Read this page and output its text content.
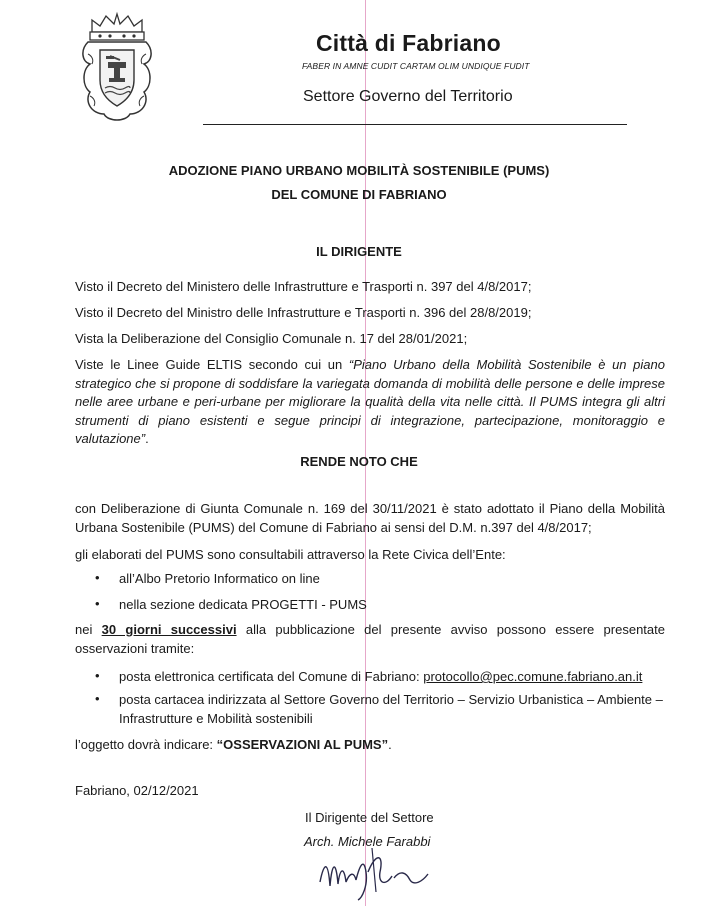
Città di Fabriano
FABER IN AMNE CUDIT CARTAM OLIM UNDIQUE FUDIT
Settore Governo del Territorio
ADOZIONE PIANO URBANO MOBILITÀ SOSTENIBILE (PUMS)
DEL COMUNE DI FABRIANO
IL DIRIGENTE
Visto il Decreto del Ministero delle Infrastrutture e Trasporti n. 397 del 4/8/2017;
Visto il Decreto del Ministro delle Infrastrutture e Trasporti n. 396 del 28/8/2019;
Vista la Deliberazione del Consiglio Comunale n. 17 del 28/01/2021;
Viste le Linee Guide ELTIS secondo cui un “Piano Urbano della Mobilità Sostenibile è un piano strategico che si propone di soddisfare la variegata domanda di mobilità delle persone e delle imprese nelle aree urbane e peri-urbane per migliorare la qualità della vita nelle città. Il PUMS integra gli altri strumenti di piano esistenti e segue principi di integrazione, partecipazione, monitoraggio e valutazione”.
RENDE NOTO CHE
con Deliberazione di Giunta Comunale n. 169 del 30/11/2021 è stato adottato il Piano della Mobilità Urbana Sostenibile (PUMS) del Comune di Fabriano ai sensi del D.M. n.397 del 4/8/2017;
gli elaborati del PUMS sono consultabili attraverso la Rete Civica dell’Ente:
• all’Albo Pretorio Informatico on line
• nella sezione dedicata PROGETTI - PUMS
nei 30 giorni successivi alla pubblicazione del presente avviso possono essere presentate osservazioni tramite:
• posta elettronica certificata del Comune di Fabriano: protocollo@pec.comune.fabriano.an.it
• posta cartacea indirizzata al Settore Governo del Territorio – Servizio Urbanistica – Ambiente – Infrastrutture e Mobilità sostenibili
l’oggetto dovrà indicare: “OSSERVAZIONI AL PUMS”.
Fabriano, 02/12/2021
Il Dirigente del Settore
Arch. Michele Farabbi
